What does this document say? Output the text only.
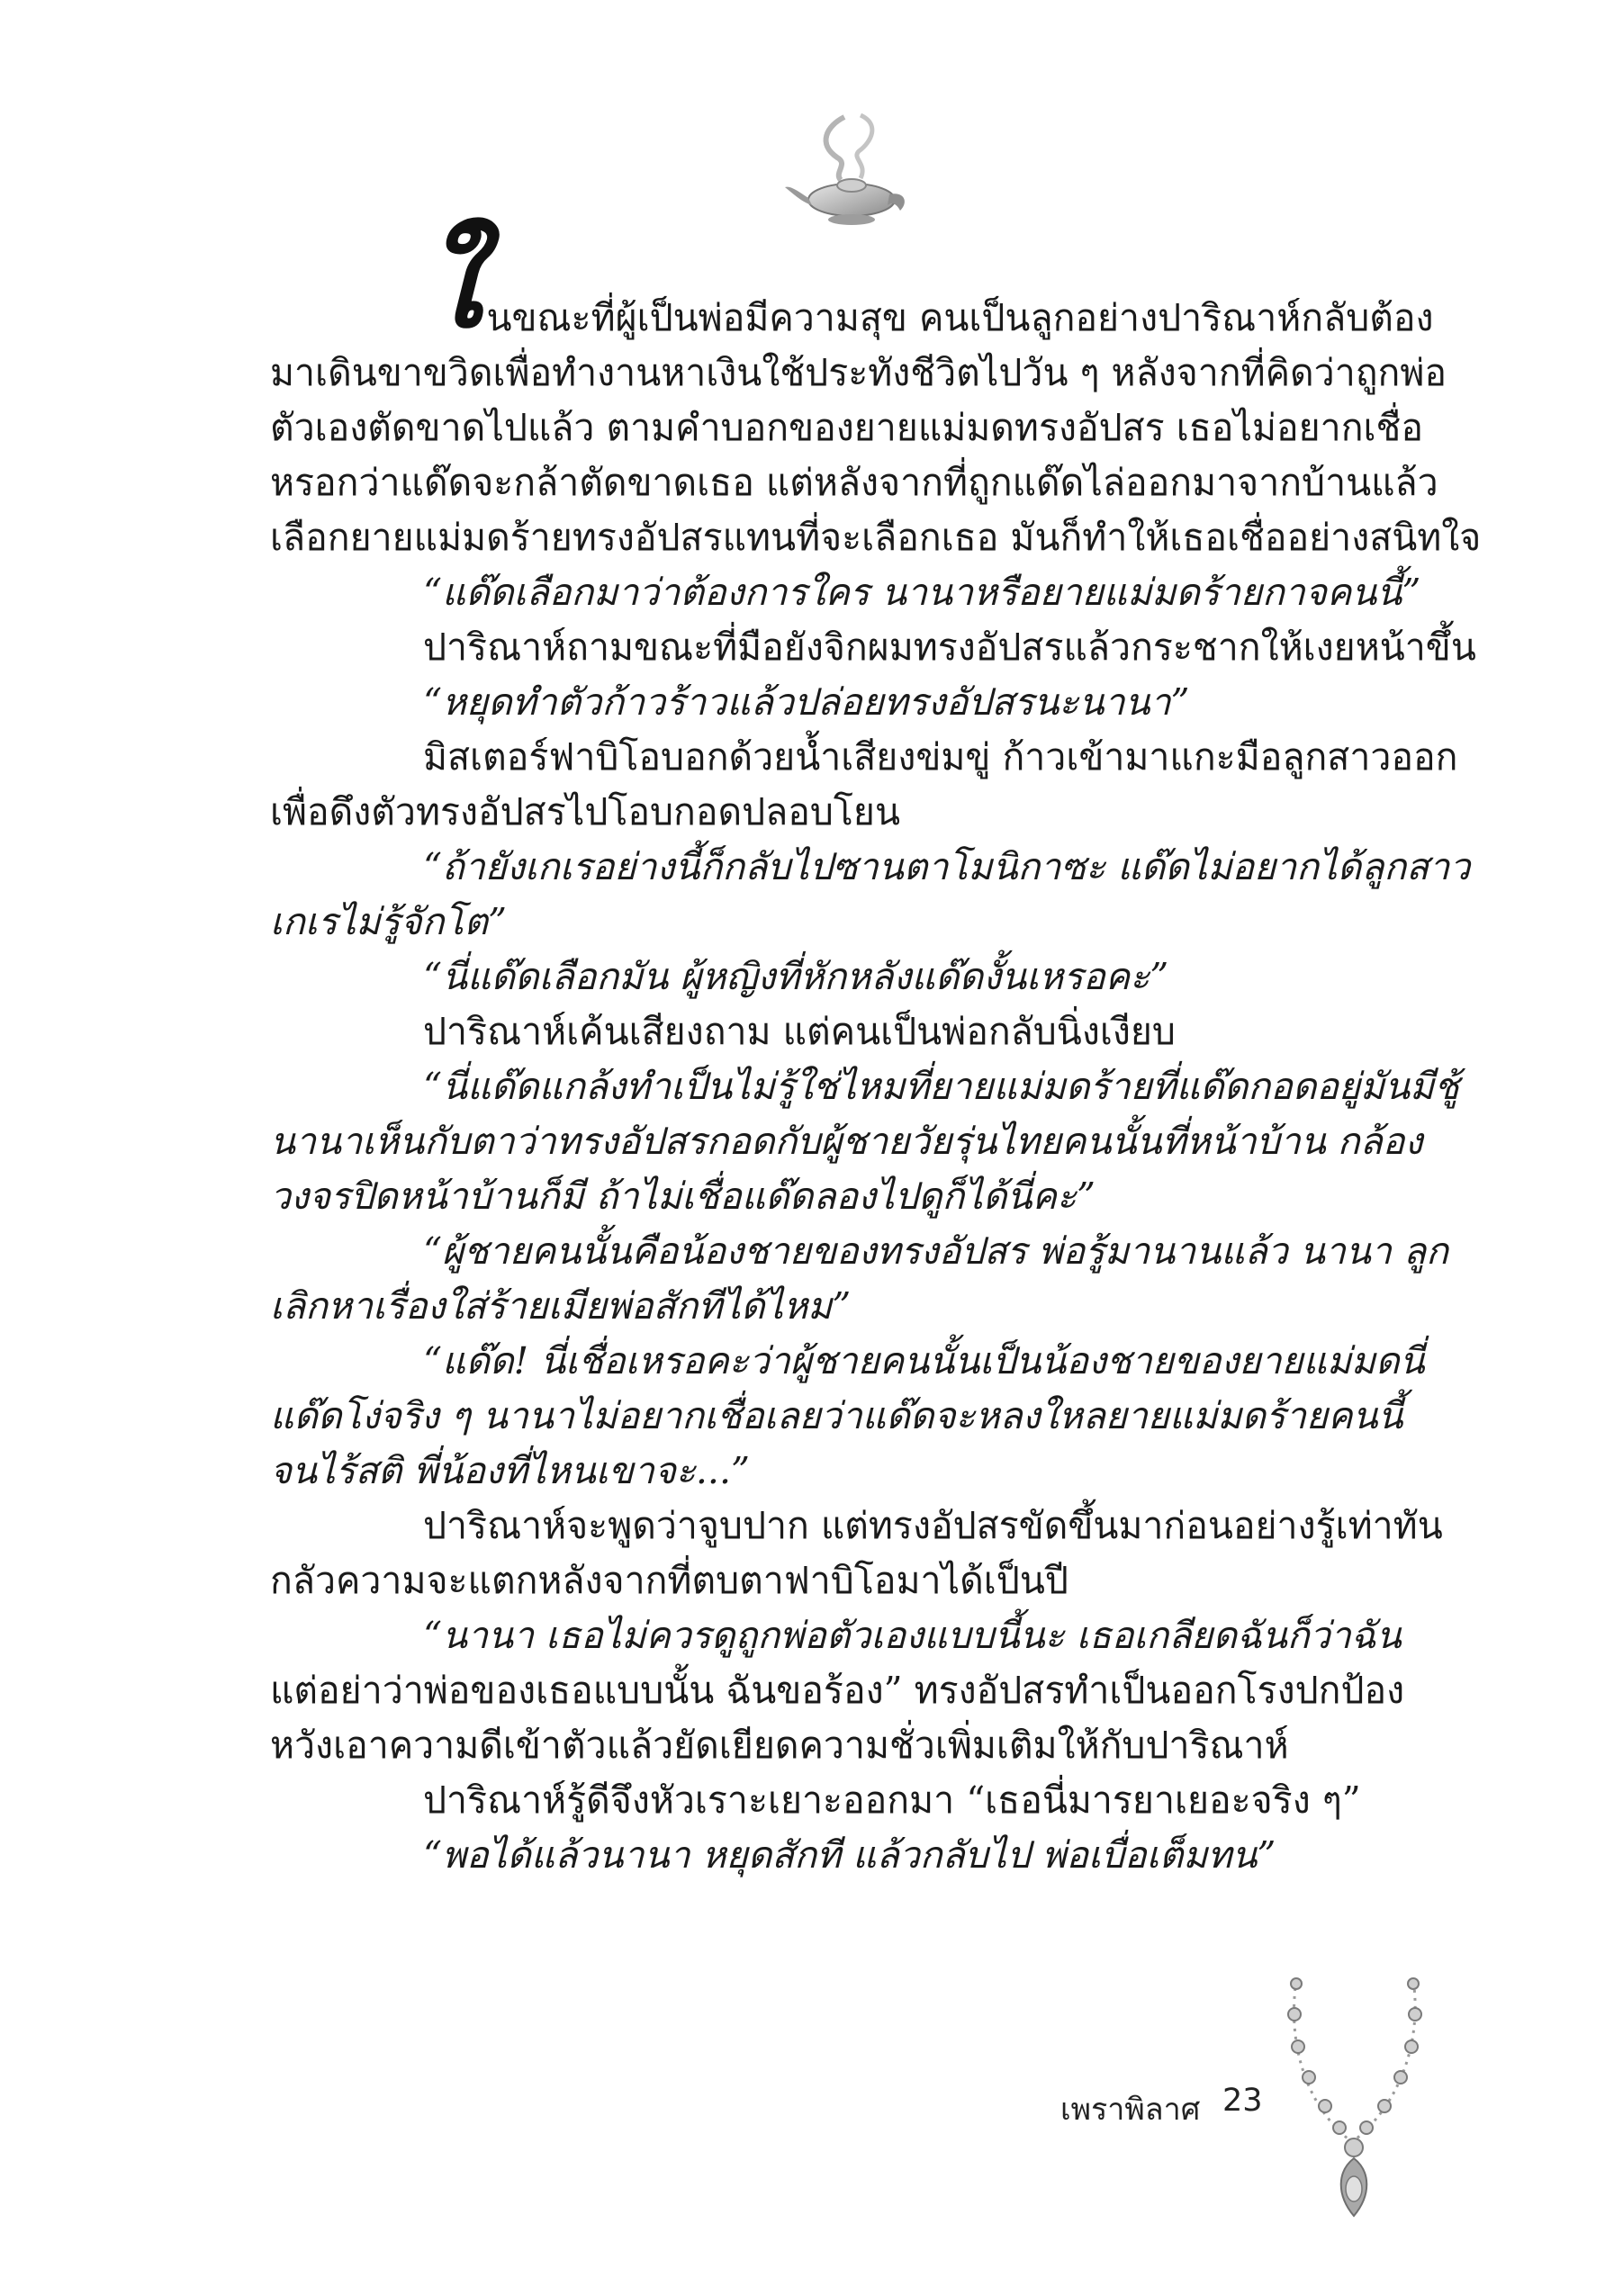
ใ นขณะที่ผู้เป็นพ่อมีความสุข คนเป็นลูกอย่างปาริณาห์กลับต้อง
มาเดินขาขวิดเพื่อทำงานหาเงินใช้ประทังชีวิตไปวัน ๆ หลังจากที่คิดว่าถูกพ่อ
ตัวเองตัดขาดไปแล้ว ตามคำบอกของยายแม่มดทรงอัปสร เธอไม่อยากเชื่อ
หรอกว่าแด๊ดจะกล้าตัดขาดเธอ แต่หลังจากที่ถูกแด๊ดไล่ออกมาจากบ้านแล้ว
เลือกยายแม่มดร้ายทรงอัปสรแทนที่จะเลือกเธอ มันก็ทำให้เธอเชื่ออย่างสนิทใจ
“แด๊ดเลือกมาว่าต้องการใคร นานาหรือยายแม่มดร้ายกาจคนนี้”
ปาริณาห์ถามขณะที่มือยังจิกผมทรงอัปสรแล้วกระชากให้เงยหน้าขึ้น
“หยุดทำตัวก้าวร้าวแล้วปล่อยทรงอัปสรนะนานา”
มิสเตอร์ฟาบิโอบอกด้วยน้ำเสียงข่มขู่ ก้าวเข้ามาแกะมือลูกสาวออก
เพื่อดึงตัวทรงอัปสรไปโอบกอดปลอบโยน
“ถ้ายังเกเรอย่างนี้ก็กลับไปซานตาโมนิกาซะ แด๊ดไม่อยากได้ลูกสาว
เกเรไม่รู้จักโต”
“นี่แด๊ดเลือกมัน ผู้หญิงที่หักหลังแด๊ดงั้นเหรอคะ”
ปาริณาห์เค้นเสียงถาม แต่คนเป็นพ่อกลับนิ่งเงียบ
“นี่แด๊ดแกล้งทำเป็นไม่รู้ใช่ไหมที่ยายแม่มดร้ายที่แด๊ดกอดอยู่มันมีชู้
นานาเห็นกับตาว่าทรงอัปสรกอดกับผู้ชายวัยรุ่นไทยคนนั้นที่หน้าบ้าน กล้อง
วงจรปิดหน้าบ้านก็มี ถ้าไม่เชื่อแด๊ดลองไปดูก็ได้นี่คะ”
“ผู้ชายคนนั้นคือน้องชายของทรงอัปสร พ่อรู้มานานแล้ว นานา ลูก
เลิกหาเรื่องใส่ร้ายเมียพ่อสักทีได้ไหม”
“แด๊ด! นี่เชื่อเหรอคะว่าผู้ชายคนนั้นเป็นน้องชายของยายแม่มดนี่
แด๊ดโง่จริง ๆ นานาไม่อยากเชื่อเลยว่าแด๊ดจะหลงใหลยายแม่มดร้ายคนนี้
จนไร้สติ พี่น้องที่ไหนเขาจะ...”
ปาริณาห์จะพูดว่าจูบปาก แต่ทรงอัปสรขัดขึ้นมาก่อนอย่างรู้เท่าทัน
กลัวความจะแตกหลังจากที่ตบตาฟาบิโอมาได้เป็นปี
“นานา เธอไม่ควรดูถูกพ่อตัวเองแบบนี้นะ เธอเกลียดฉันก็ว่าฉัน
แต่อย่าว่าพ่อของเธอแบบนั้น ฉันขอร้อง” ทรงอัปสรทำเป็นออกโรงปกป้อง
หวังเอาความดีเข้าตัวแล้วยัดเยียดความชั่วเพิ่มเติมให้กับปาริณาห์
ปาริณาห์รู้ดีจึงหัวเราะเยาะออกมา “เธอนี่มารยาเยอะจริง ๆ”
“พอได้แล้วนานา หยุดสักที แล้วกลับไป พ่อเบื่อเต็มทน”
เพราพิลาศ 23
